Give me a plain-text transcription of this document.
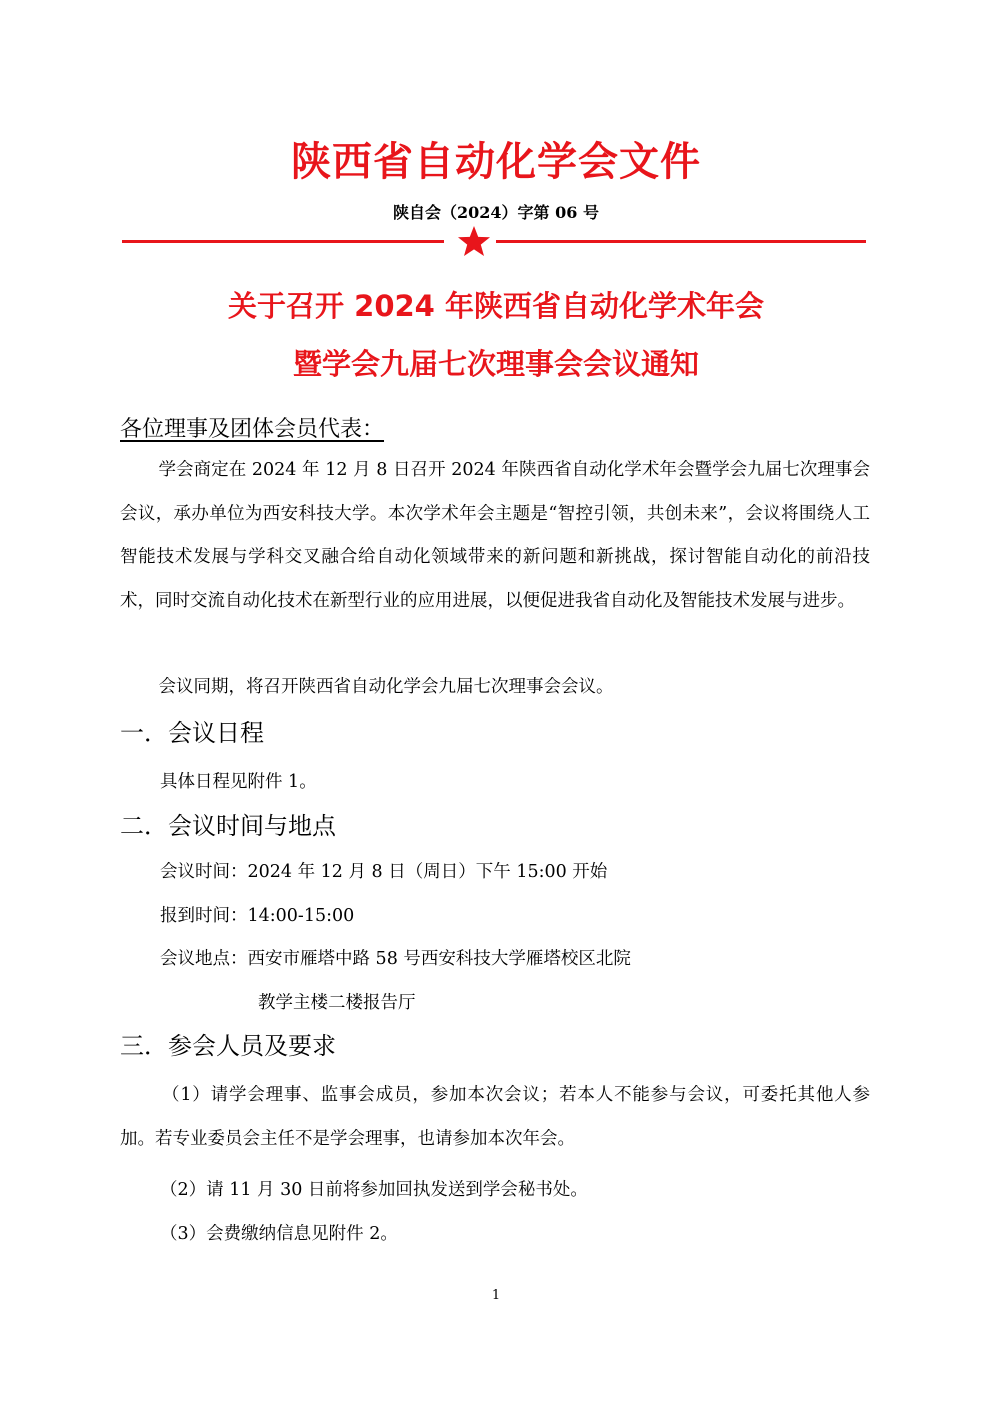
陕西省自动化学会文件
陕自会（2024）字第 06 号
关于召开 2024 年陕西省自动化学术年会
暨学会九届七次理事会会议通知
各位理事及团体会员代表：
学会商定在 2024 年 12 月 8 日召开 2024 年陕西省自动化学术年会暨学会九届七次理事会会议，承办单位为西安科技大学。本次学术年会主题是“智控引领，共创未来”，会议将围绕人工智能技术发展与学科交叉融合给自动化领域带来的新问题和新挑战，探讨智能自动化的前沿技术，同时交流自动化技术在新型行业的应用进展，以便促进我省自动化及智能技术发展与进步。
会议同期，将召开陕西省自动化学会九届七次理事会会议。
一．会议日程
具体日程见附件 1。
二．会议时间与地点
会议时间：2024 年 12 月 8 日（周日）下午 15:00 开始
报到时间：14:00-15:00
会议地点：西安市雁塔中路 58 号西安科技大学雁塔校区北院
教学主楼二楼报告厅
三．参会人员及要求
（1）请学会理事、监事会成员，参加本次会议；若本人不能参与会议，可委托其他人参加。若专业委员会主任不是学会理事，也请参加本次年会。
（2）请 11 月 30 日前将参加回执发送到学会秘书处。
（3）会费缴纳信息见附件 2。
1
